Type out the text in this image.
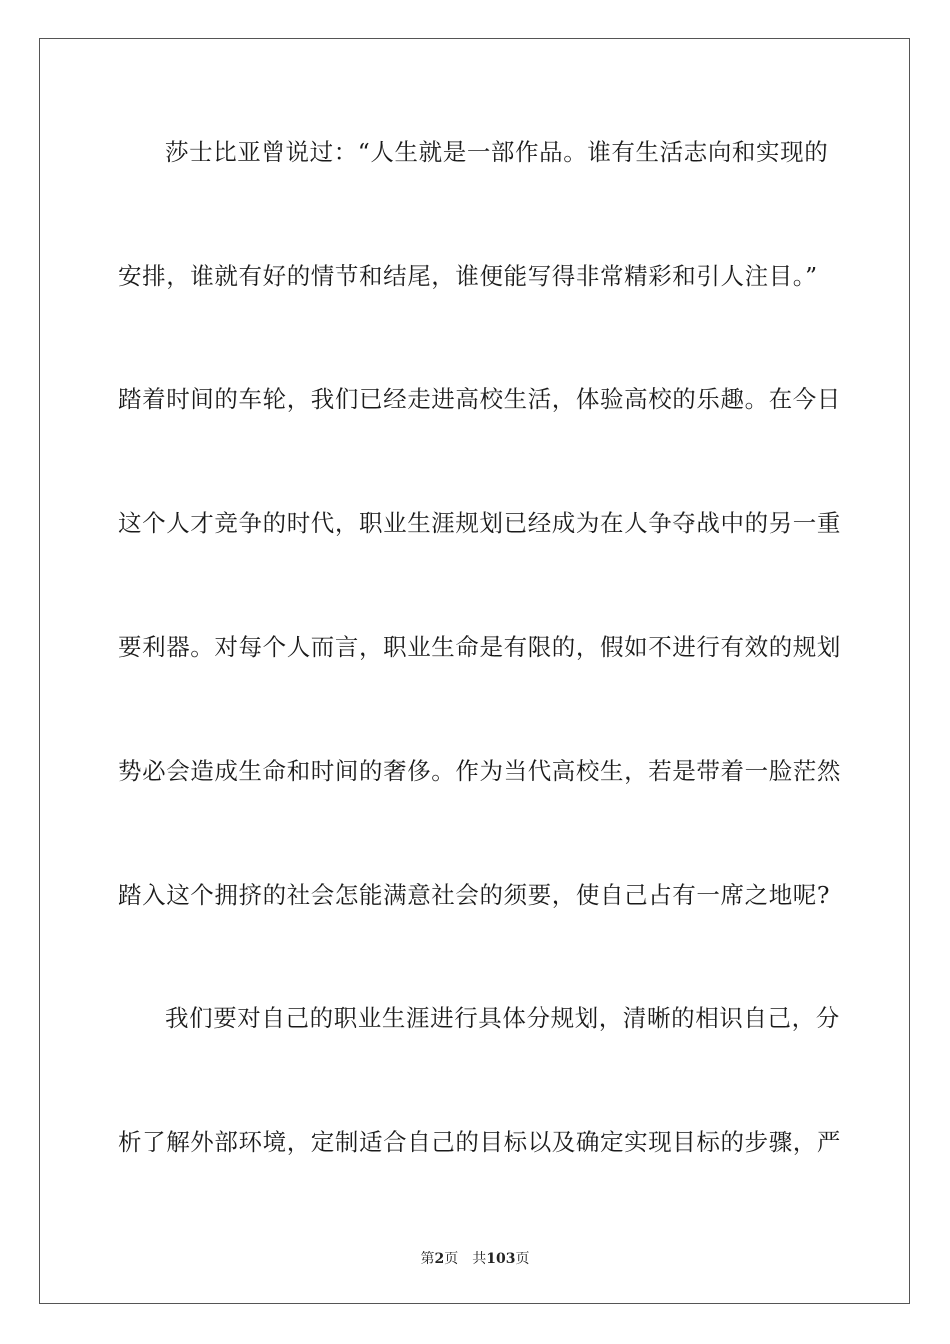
莎士比亚曾说过：“人生就是一部作品。谁有生活志向和实现的
安排，谁就有好的情节和结尾，谁便能写得非常精彩和引人注目。”
踏着时间的车轮，我们已经走进高校生活，体验高校的乐趣。在今日
这个人才竞争的时代，职业生涯规划已经成为在人争夺战中的另一重
要利器。对每个人而言，职业生命是有限的，假如不进行有效的规划
势必会造成生命和时间的奢侈。作为当代高校生，若是带着一脸茫然
踏入这个拥挤的社会怎能满意社会的须要，使自己占有一席之地呢?
我们要对自己的职业生涯进行具体分规划，清晰的相识自己，分
析了解外部环境，定制适合自己的目标以及确定实现目标的步骤，严
第2页 共103页
